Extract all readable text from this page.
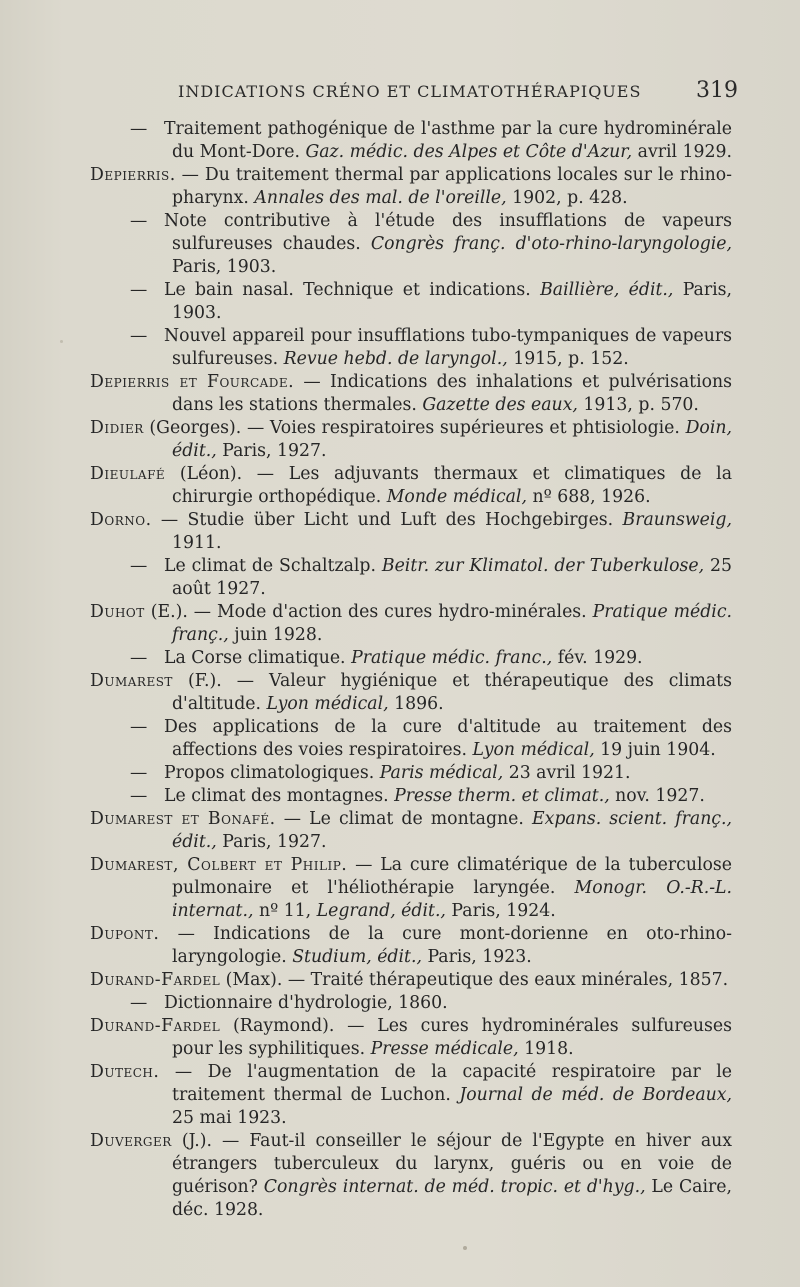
INDICATIONS CRÉNO ET CLIMATOTHÉRAPIQUES 319

— Traitement pathogénique de l'asthme par la cure hydrominérale du Mont-Dore. Gaz. médic. des Alpes et Côte d'Azur, avril 1929.

Depierris. — Du traitement thermal par applications locales sur le rhino-pharynx. Annales des mal. de l'oreille, 1902, p. 428.

— Note contributive à l'étude des insufflations de vapeurs sulfureuses chaudes. Congrès franç. d'oto-rhino-laryngologie, Paris, 1903.

— Le bain nasal. Technique et indications. Baillière, édit., Paris, 1903.

— Nouvel appareil pour insufflations tubo-tympaniques de vapeurs sulfureuses. Revue hebd. de laryngol., 1915, p. 152.

Depierris et Fourcade. — Indications des inhalations et pulvérisations dans les stations thermales. Gazette des eaux, 1913, p. 570.

Didier (Georges). — Voies respiratoires supérieures et phtisiologie. Doin, édit., Paris, 1927.

Dieulafé (Léon). — Les adjuvants thermaux et climatiques de la chirurgie orthopédique. Monde médical, nº 688, 1926.

Dorno. — Studie über Licht und Luft des Hochgebirges. Braunsweig, 1911.

— Le climat de Schaltzalp. Beitr. zur Klimatol. der Tuberkulose, 25 août 1927.

Duhot (E.). — Mode d'action des cures hydro-minérales. Pratique médic. franç., juin 1928.

— La Corse climatique. Pratique médic. franc., fév. 1929.

Dumarest (F.). — Valeur hygiénique et thérapeutique des climats d'altitude. Lyon médical, 1896.

— Des applications de la cure d'altitude au traitement des affections des voies respiratoires. Lyon médical, 19 juin 1904.

— Propos climatologiques. Paris médical, 23 avril 1921.

— Le climat des montagnes. Presse therm. et climat., nov. 1927.

Dumarest et Bonafé. — Le climat de montagne. Expans. scient. franç., édit., Paris, 1927.

Dumarest, Colbert et Philip. — La cure climatérique de la tuberculose pulmonaire et l'héliothérapie laryngée. Monogr. O.-R.-L. internat., nº 11, Legrand, édit., Paris, 1924.

Dupont. — Indications de la cure mont-dorienne en oto-rhino-laryngologie. Studium, édit., Paris, 1923.

Durand-Fardel (Max). — Traité thérapeutique des eaux minérales, 1857.

— Dictionnaire d'hydrologie, 1860.

Durand-Fardel (Raymond). — Les cures hydrominérales sulfureuses pour les syphilitiques. Presse médicale, 1918.

Dutech. — De l'augmentation de la capacité respiratoire par le traitement thermal de Luchon. Journal de méd. de Bordeaux, 25 mai 1923.

Duverger (J.). — Faut-il conseiller le séjour de l'Egypte en hiver aux étrangers tuberculeux du larynx, guéris ou en voie de guérison? Congrès internat. de méd. tropic. et d'hyg., Le Caire, déc. 1928.
